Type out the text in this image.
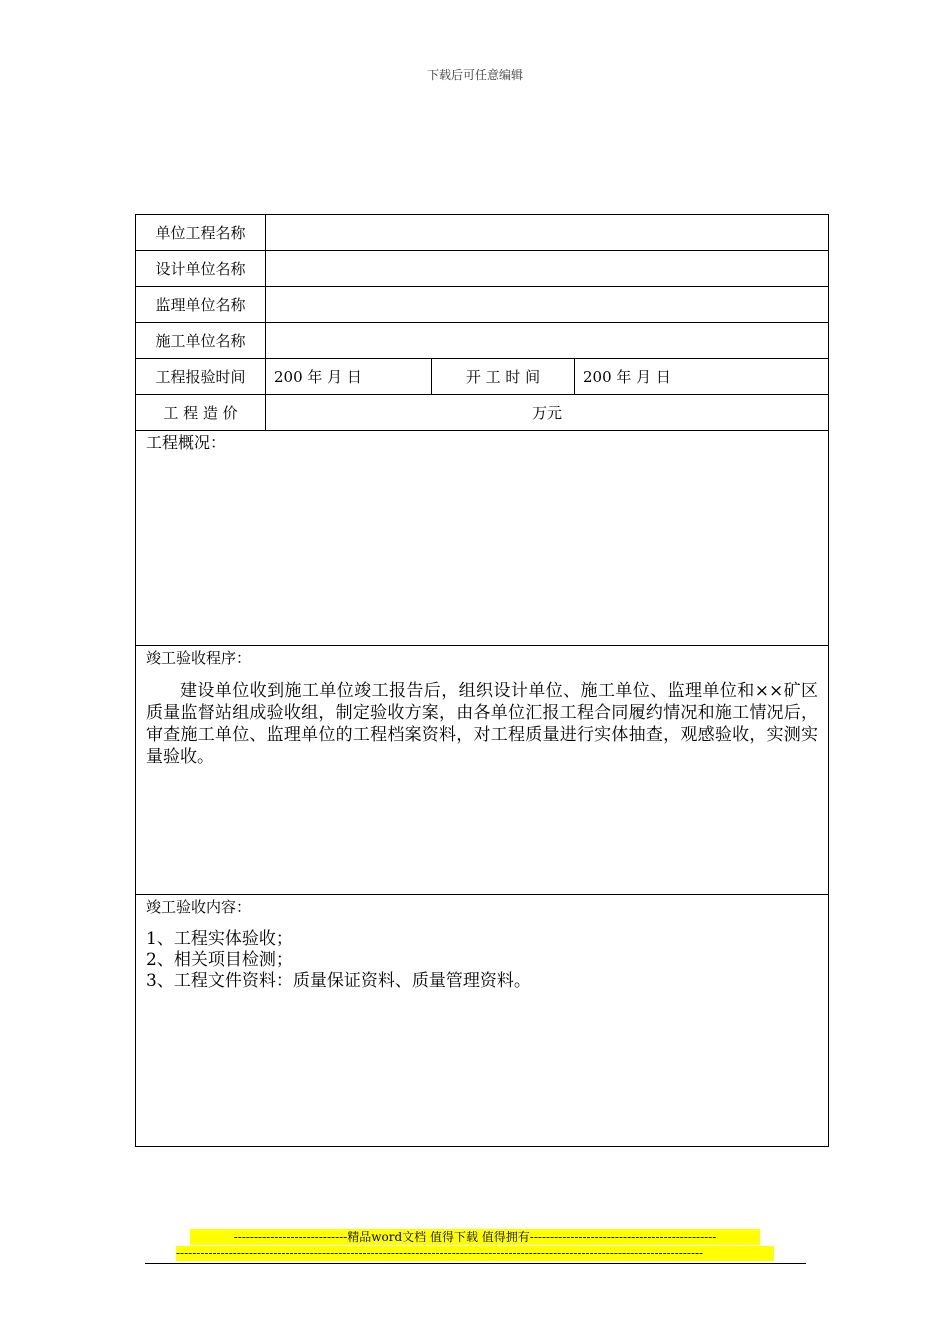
下载后可任意编辑
单位工程名称			
设计单位名称			
监理单位名称			
施工单位名称			
工程报验时间	200 年 月 日	开 工 时 间	200 年 月 日
工 程 造 价	万元		

工程概况：			

竣工验收程序：
建设单位收到施工单位竣工报告后，组织设计单位、施工单位、监理单位和××矿区质量监督站组成验收组，制定验收方案，由各单位汇报工程合同履约情况和施工情况后，审查施工单位、监理单位的工程档案资料，对工程质量进行实体抽查，观感验收，实测实量验收。			

竣工验收内容：
1、工程实体验收；
2、相关项目检测；
3、工程文件资料：质量保证资料、质量管理资料。			
----------------------------精品word文档 值得下载 值得拥有----------------------------------------------
----------------------------------------------------------------------------------------------------------------------------------
